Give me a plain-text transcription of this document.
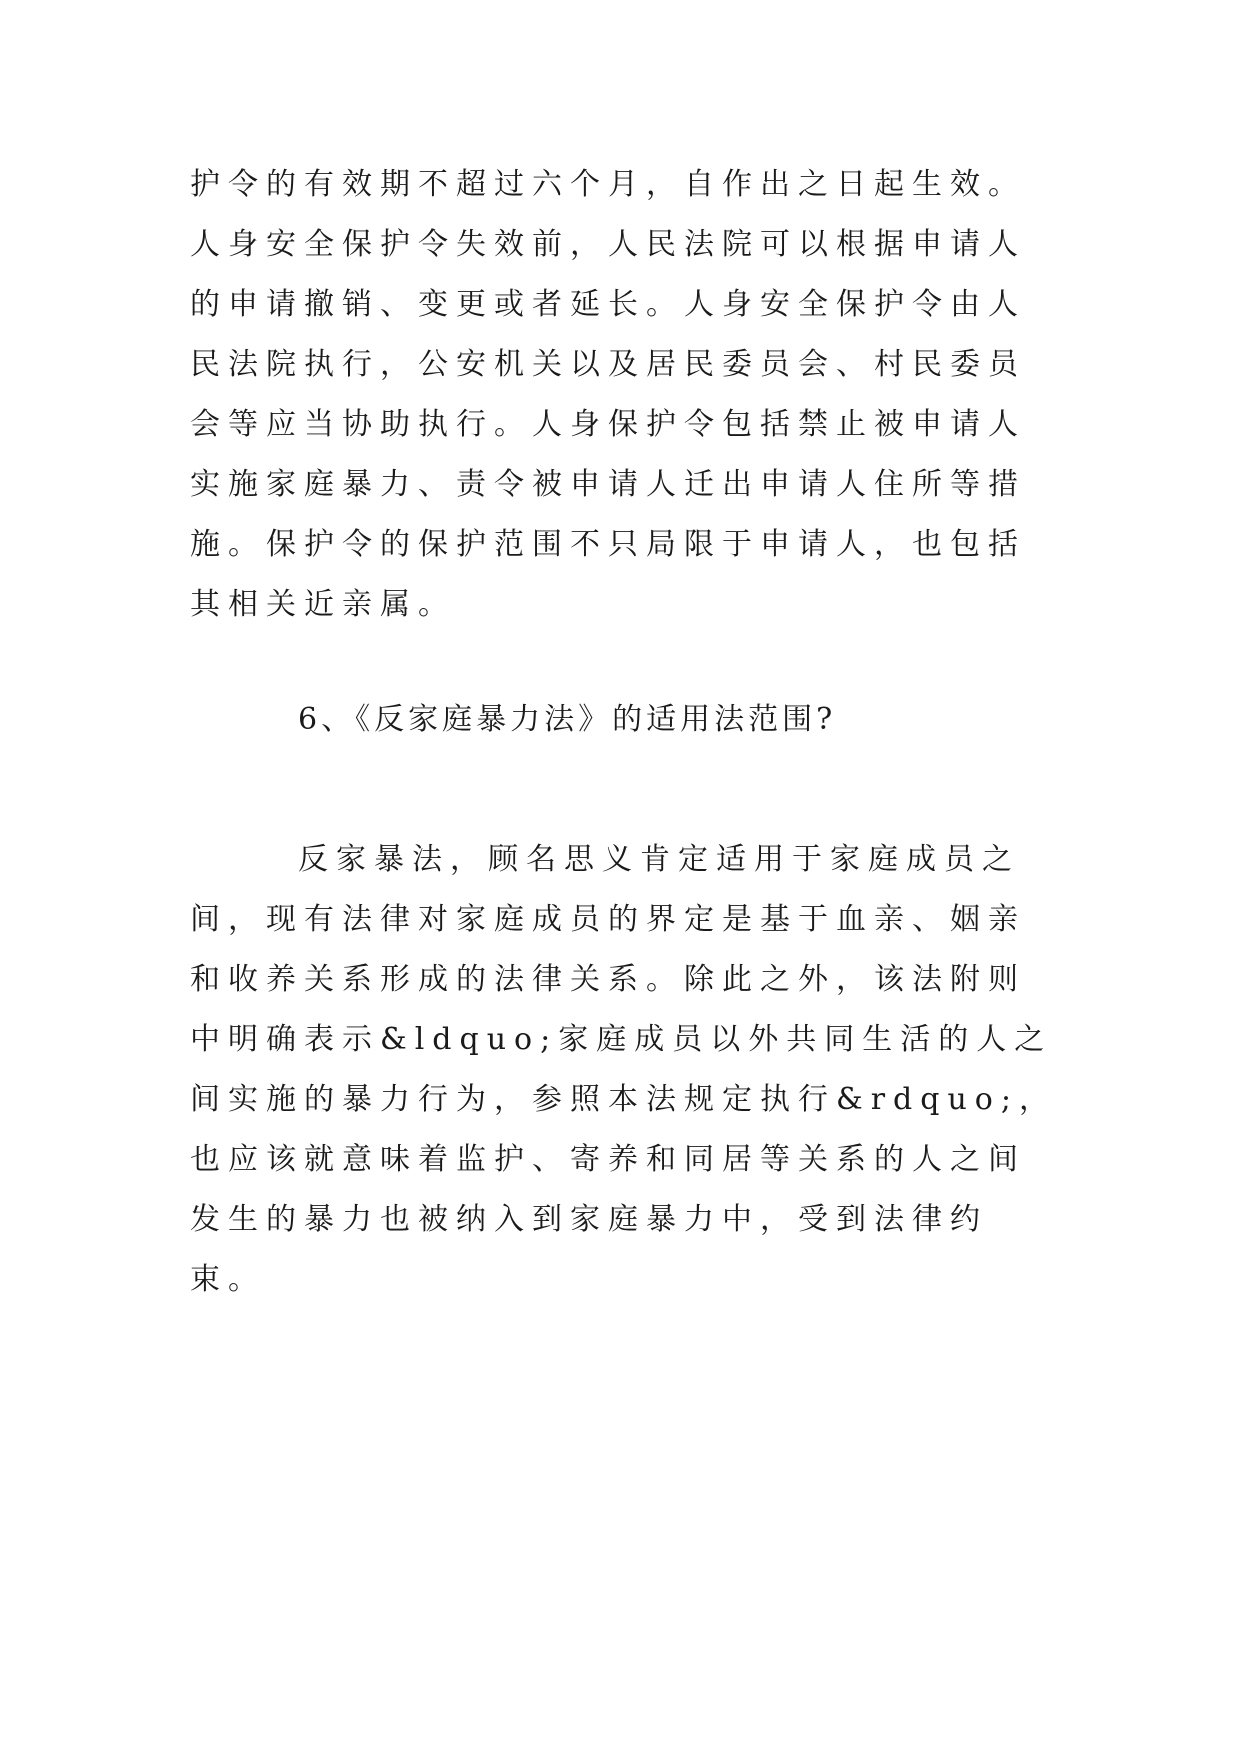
护令的有效期不超过六个月，自作出之日起生效。人身安全保护令失效前，人民法院可以根据申请人的申请撤销、变更或者延长。人身安全保护令由人民法院执行，公安机关以及居民委员会、村民委员会等应当协助执行。人身保护令包括禁止被申请人实施家庭暴力、责令被申请人迁出申请人住所等措施。保护令的保护范围不只局限于申请人，也包括其相关近亲属。

6、《反家庭暴力法》的适用法范围?

反家暴法，顾名思义肯定适用于家庭成员之间，现有法律对家庭成员的界定是基于血亲、姻亲和收养关系形成的法律关系。除此之外，该法附则中明确表示&ldquo;家庭成员以外共同生活的人之间实施的暴力行为，参照本法规定执行&rdquo;，也应该就意味着监护、寄养和同居等关系的人之间发生的暴力也被纳入到家庭暴力中，受到法律约束。
